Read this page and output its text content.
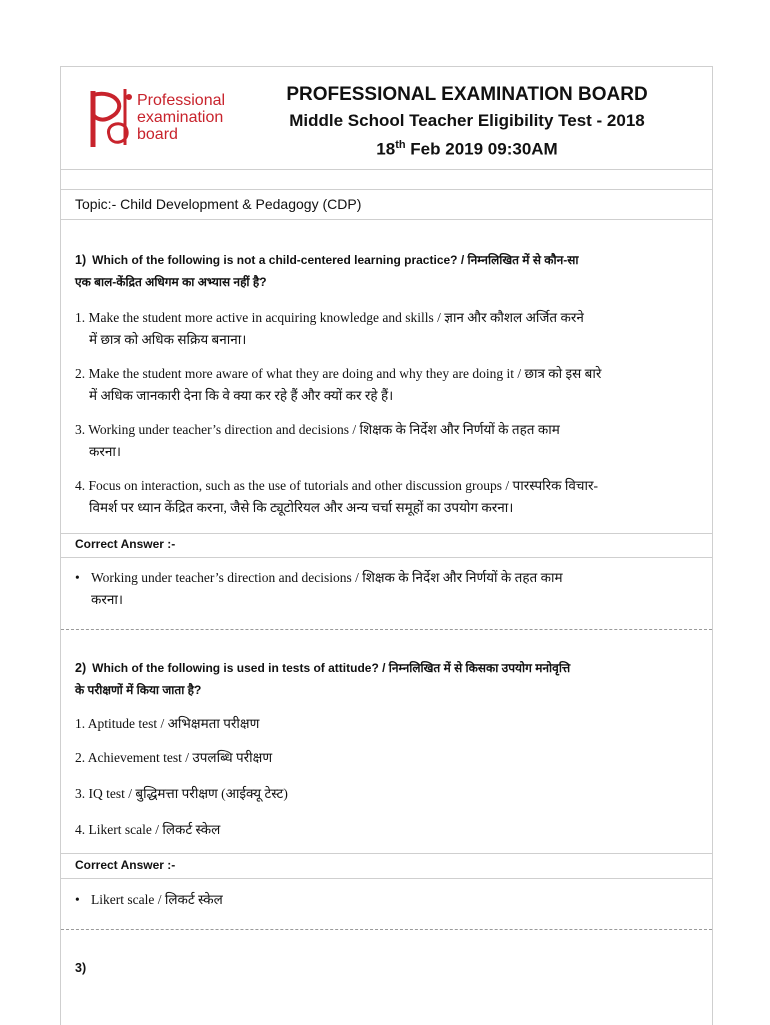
Professional
examination
board
PROFESSIONAL EXAMINATION BOARD
Middle School Teacher Eligibility Test - 2018
18th Feb 2019 09:30AM
Topic:- Child Development & Pedagogy (CDP)
1) Which of the following is not a child-centered learning practice? / निम्नलिखित में से कौन-सा
एक बाल-केंद्रित अधिगम का अभ्यास नहीं है?
1. Make the student more active in acquiring knowledge and skills / ज्ञान और कौशल अर्जित करने
में छात्र को अधिक सक्रिय बनाना।
2. Make the student more aware of what they are doing and why they are doing it / छात्र को इस बारे
में अधिक जानकारी देना कि वे क्या कर रहे हैं और क्यों कर रहे हैं।
3. Working under teacher’s direction and decisions / शिक्षक के निर्देश और निर्णयों के तहत काम
करना।
4. Focus on interaction, such as the use of tutorials and other discussion groups / पारस्परिक विचार-
विमर्श पर ध्यान केंद्रित करना, जैसे कि ट्यूटोरियल और अन्य चर्चा समूहों का उपयोग करना।
Correct Answer :-
• Working under teacher’s direction and decisions / शिक्षक के निर्देश और निर्णयों के तहत काम
करना।
2) Which of the following is used in tests of attitude? / निम्नलिखित में से किसका उपयोग मनोवृत्ति
के परीक्षणों में किया जाता है?
1. Aptitude test / अभिक्षमता परीक्षण
2. Achievement test / उपलब्धि परीक्षण
3. IQ test / बुद्धिमत्ता परीक्षण (आईक्यू टेस्ट)
4. Likert scale / लिकर्ट स्केल
Correct Answer :-
• Likert scale / लिकर्ट स्केल
3)
